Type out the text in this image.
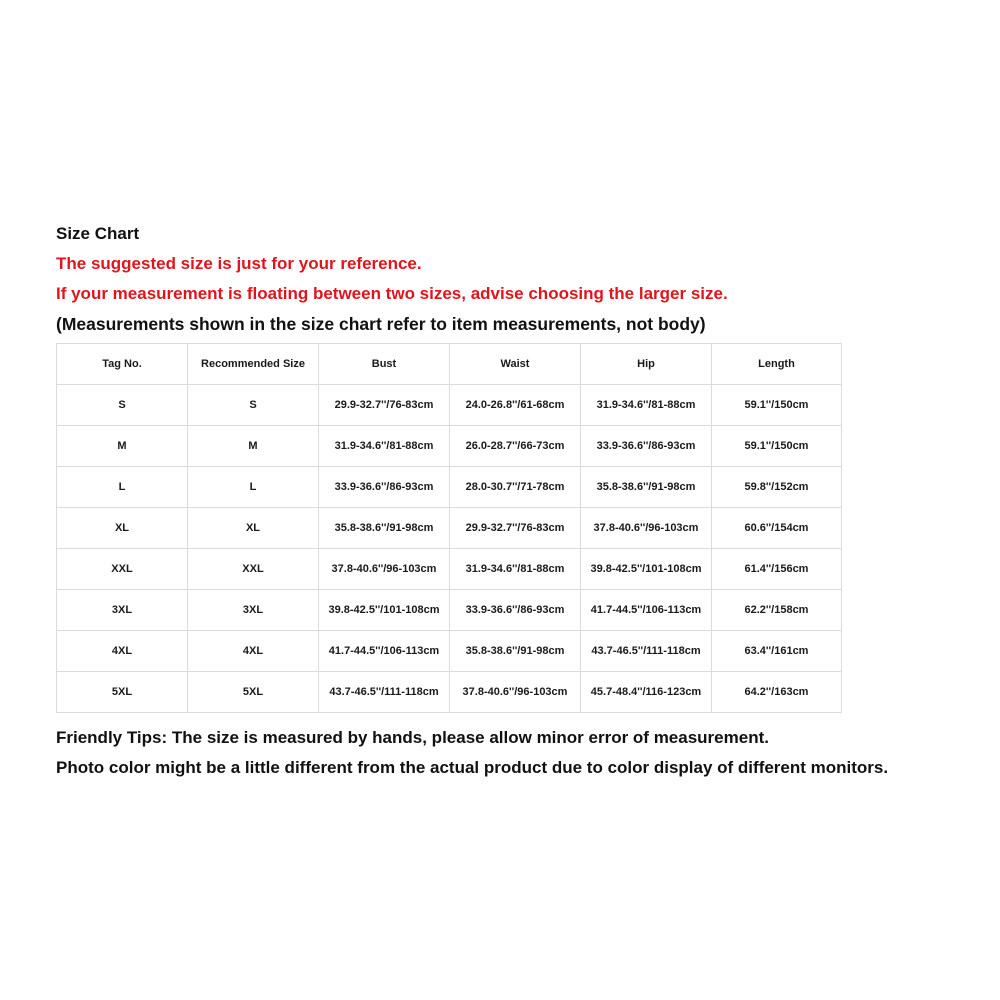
Size Chart
The suggested size is just for your reference.
If your measurement is floating between two sizes, advise choosing the larger size.
(Measurements shown in the size chart refer to item measurements, not body)
Tag No.	Recommended Size	Bust	Waist	Hip	Length
S	S	29.9-32.7''/76-83cm	24.0-26.8''/61-68cm	31.9-34.6''/81-88cm	59.1''/150cm
M	M	31.9-34.6''/81-88cm	26.0-28.7''/66-73cm	33.9-36.6''/86-93cm	59.1''/150cm
L	L	33.9-36.6''/86-93cm	28.0-30.7''/71-78cm	35.8-38.6''/91-98cm	59.8''/152cm
XL	XL	35.8-38.6''/91-98cm	29.9-32.7''/76-83cm	37.8-40.6''/96-103cm	60.6''/154cm
XXL	XXL	37.8-40.6''/96-103cm	31.9-34.6''/81-88cm	39.8-42.5''/101-108cm	61.4''/156cm
3XL	3XL	39.8-42.5''/101-108cm	33.9-36.6''/86-93cm	41.7-44.5''/106-113cm	62.2''/158cm
4XL	4XL	41.7-44.5''/106-113cm	35.8-38.6''/91-98cm	43.7-46.5''/111-118cm	63.4''/161cm
5XL	5XL	43.7-46.5''/111-118cm	37.8-40.6''/96-103cm	45.7-48.4''/116-123cm	64.2''/163cm
Friendly Tips: The size is measured by hands, please allow minor error of measurement.
Photo color might be a little different from the actual product due to color display of different monitors.
